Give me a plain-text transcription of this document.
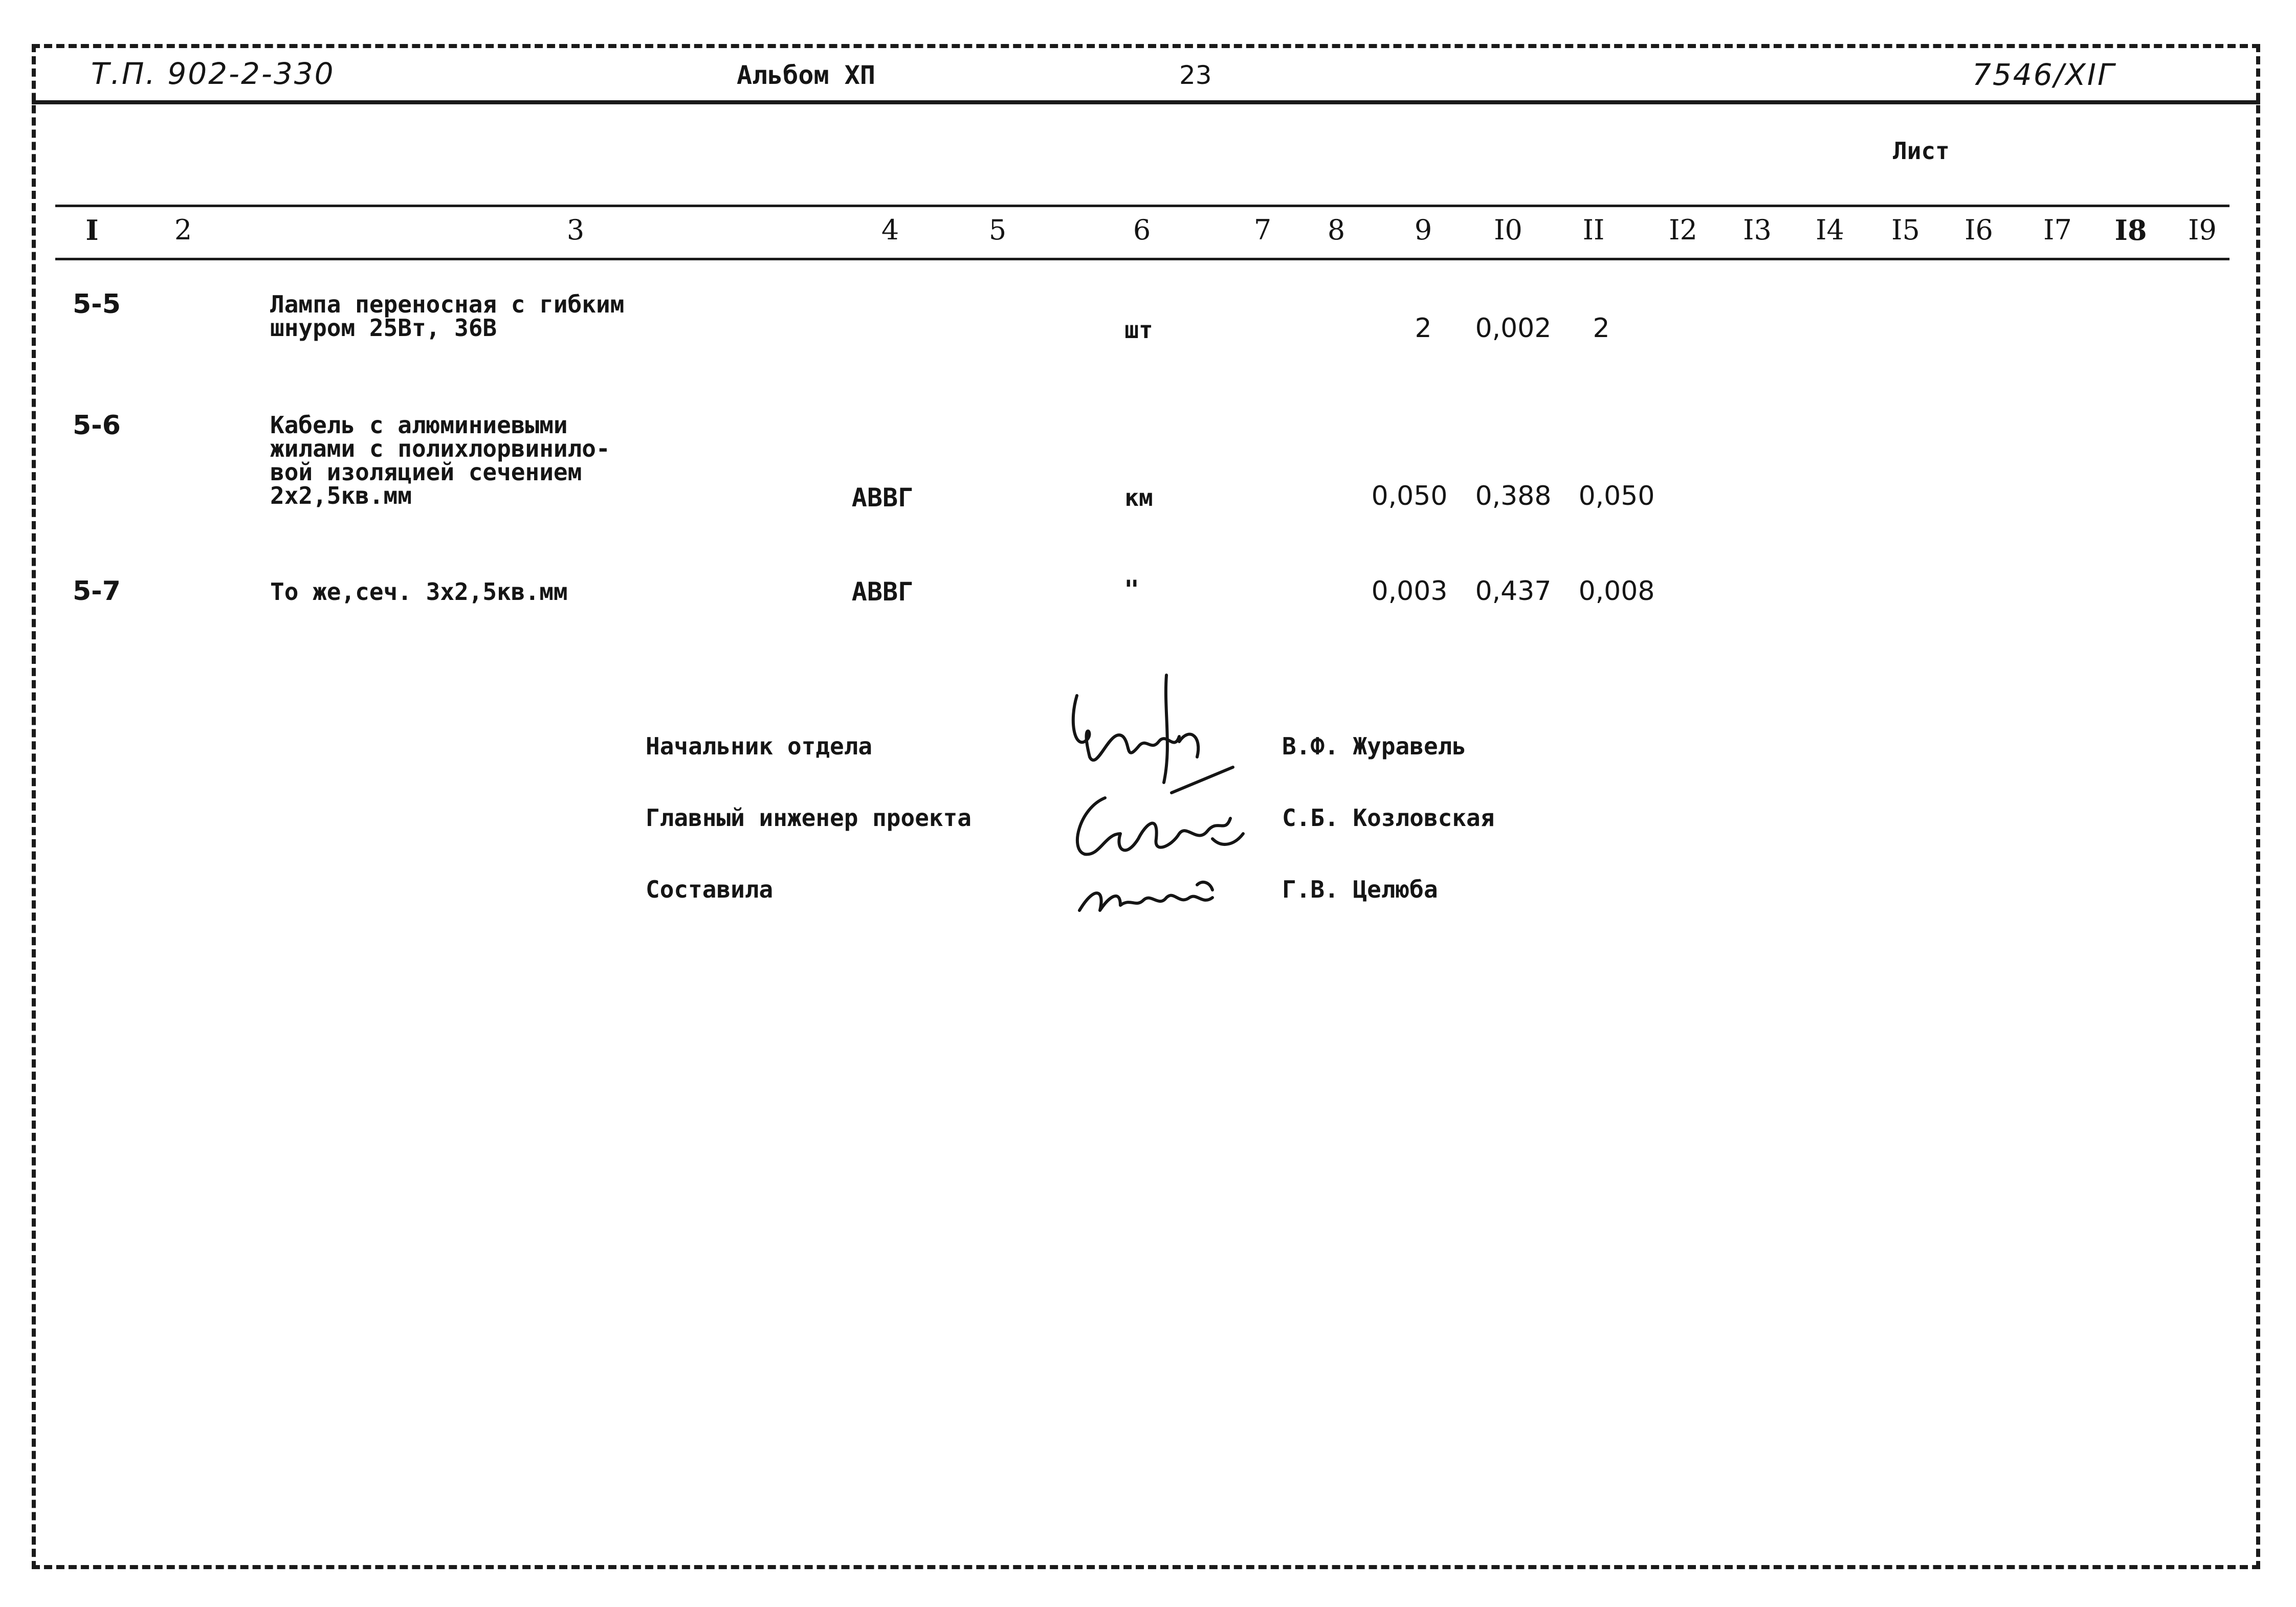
Т.П. 902-2-330	Альбом ХП	23	7546/XIГ
Лист
I	2	3	4	5	6	7 8	9 I0 II I2 I3 I4 I5 I6 I7 I8 I9
5-5	Лампа переносная с гибким
шнуром 25Вт, 36В	шт	2 0,002 2
5-6	Кабель с алюминиевыми
жилами с полихлорвинило-
вой изоляцией сечением
2х2,5кв.мм	АВВГ	км	0,050 0,388 0,050
5-7	То же,сеч. 3х2,5кв.мм	АВВГ	"	0,003 0,437 0,008
Начальник отдела	В.Ф. Журавель
Главный инженер проекта	С.Б. Козловская
Составила	Г.В. Целюба
